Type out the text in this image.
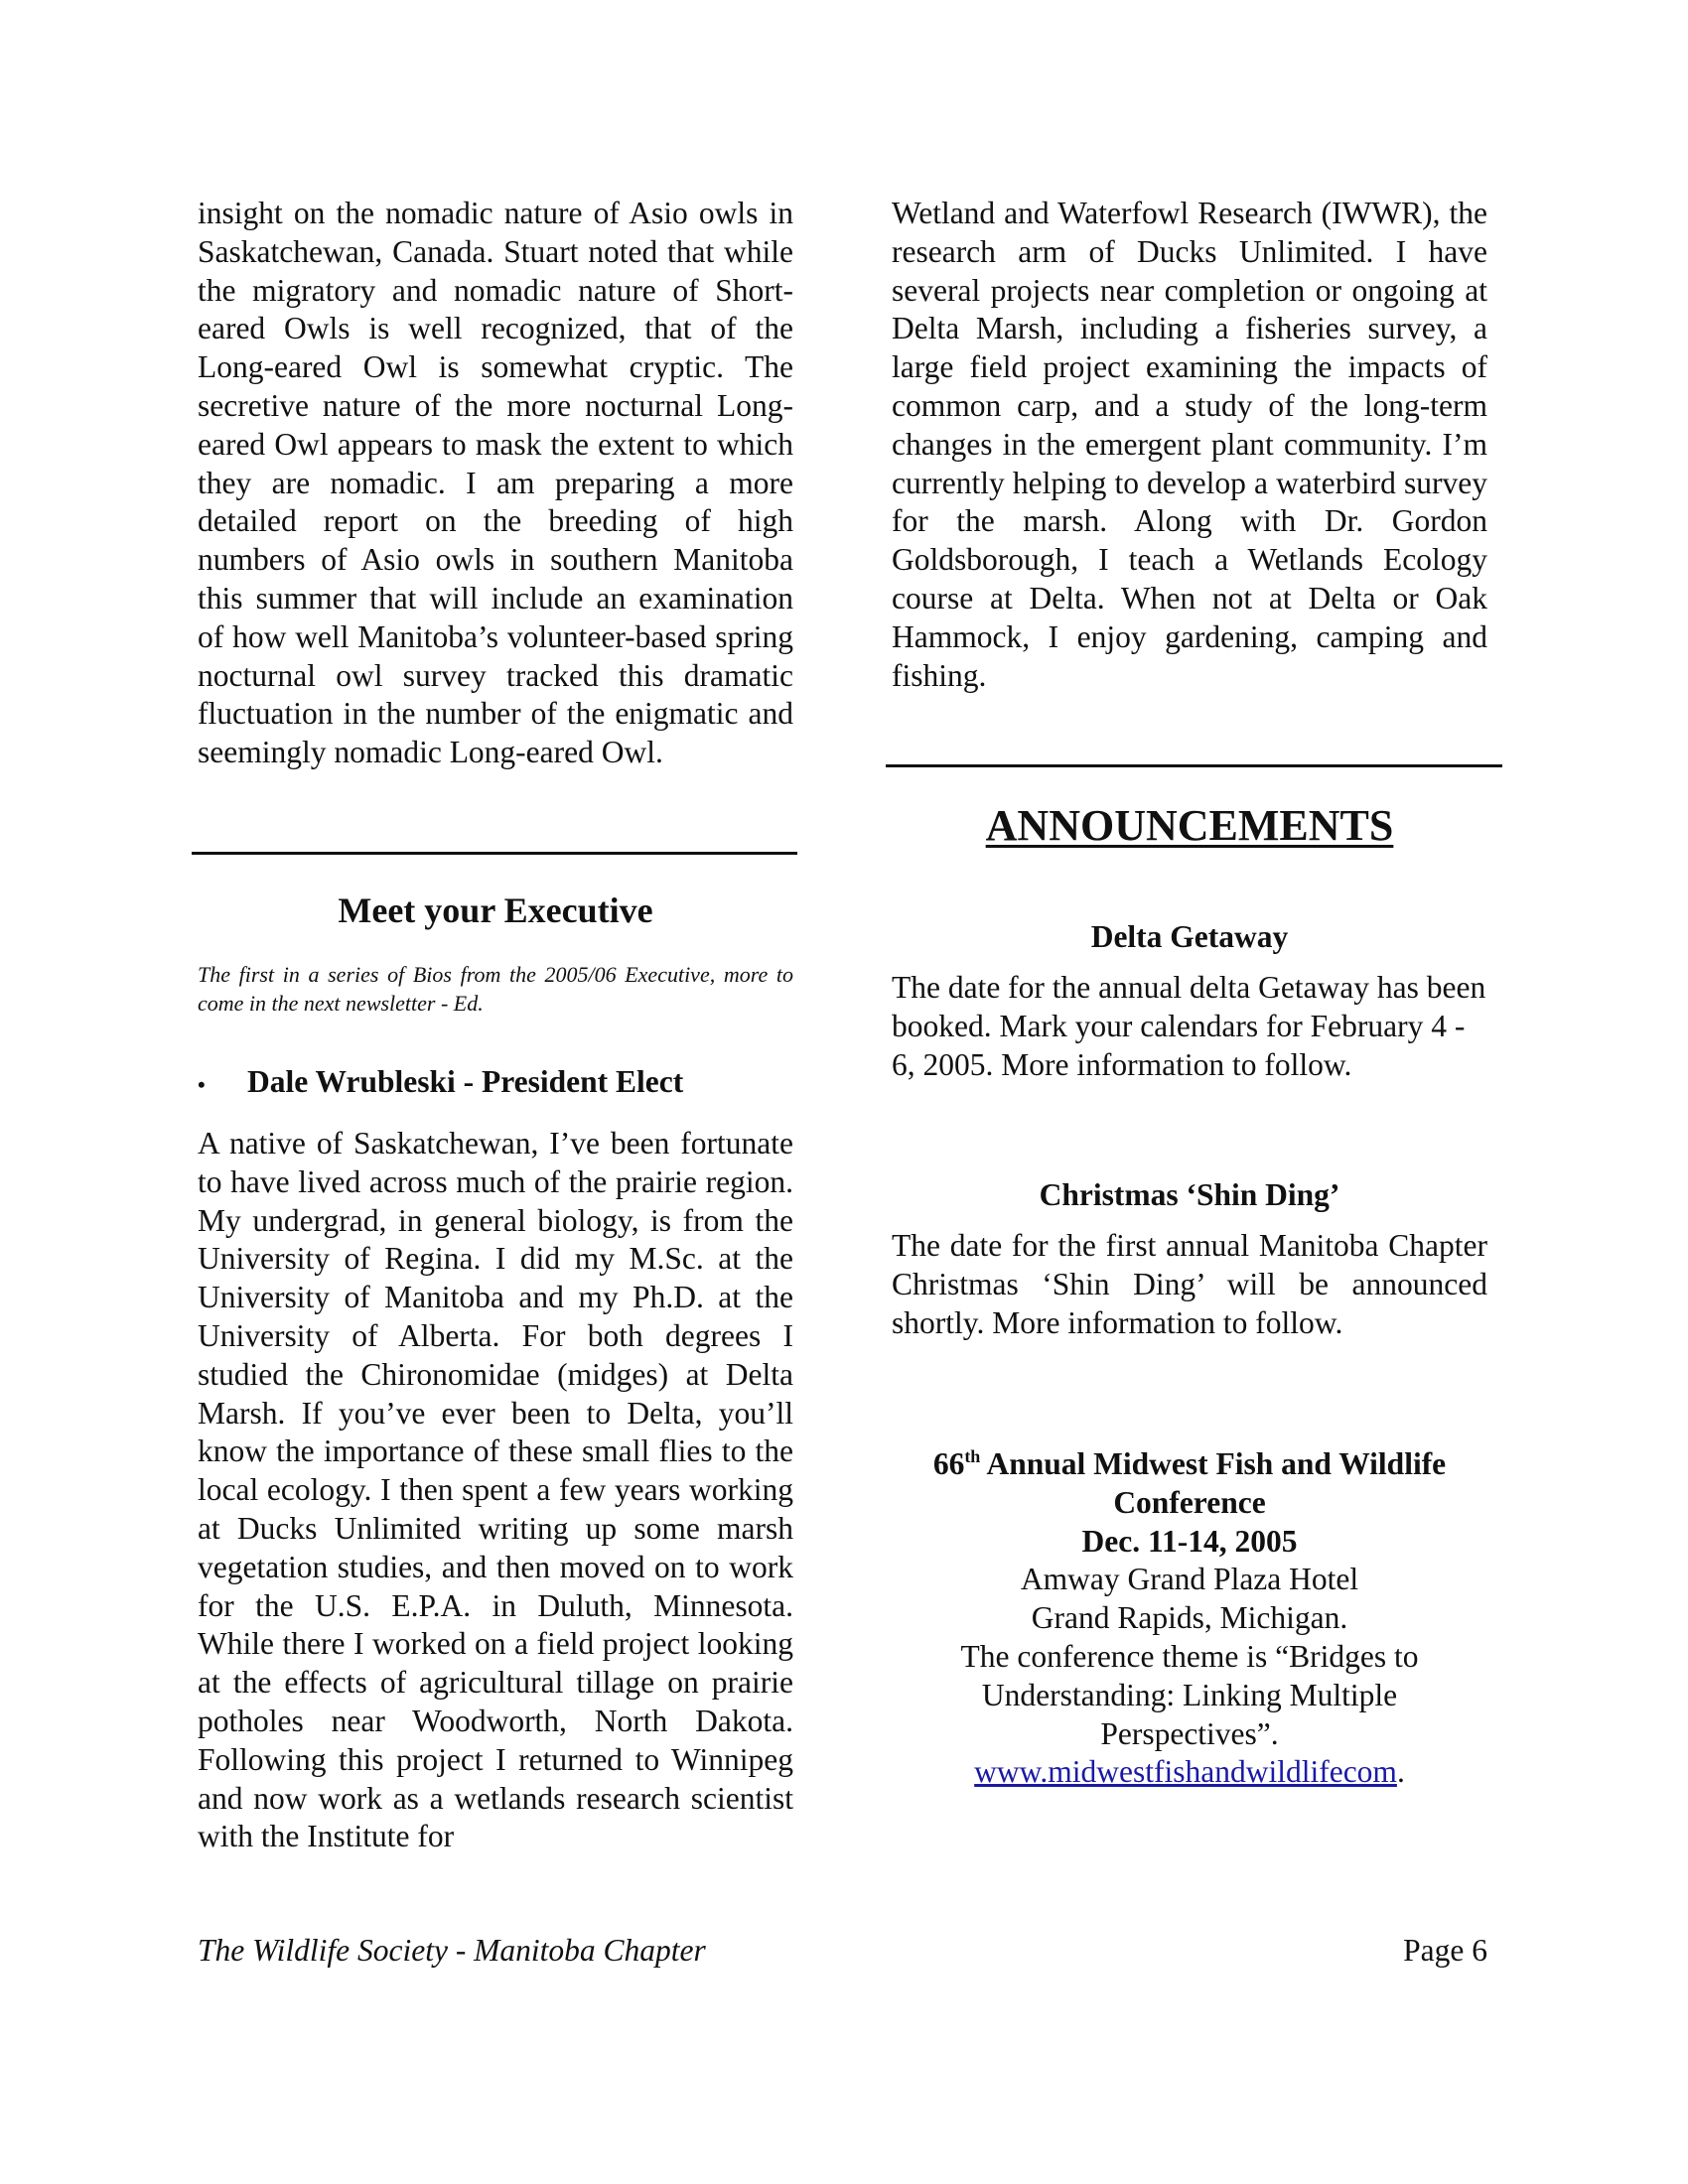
insight on the nomadic nature of Asio owls in Saskatchewan, Canada. Stuart noted that while the migratory and nomadic nature of Short-eared Owls is well recognized, that of the Long-eared Owl is somewhat cryptic. The secretive nature of the more nocturnal Long-eared Owl appears to mask the extent to which they are nomadic. I am preparing a more detailed report on the breeding of high numbers of Asio owls in southern Manitoba this summer that will include an examination of how well Manitoba’s volunteer-based spring nocturnal owl survey tracked this dramatic fluctuation in the number of the enigmatic and seemingly nomadic Long-eared Owl.

Meet your Executive

The first in a series of Bios from the 2005/06 Executive, more to come in the next newsletter - Ed.

• Dale Wrubleski - President Elect

A native of Saskatchewan, I’ve been fortunate to have lived across much of the prairie region. My undergrad, in general biology, is from the University of Regina. I did my M.Sc. at the University of Manitoba and my Ph.D. at the University of Alberta. For both degrees I studied the Chironomidae (midges) at Delta Marsh. If you’ve ever been to Delta, you’ll know the importance of these small flies to the local ecology. I then spent a few years working at Ducks Unlimited writing up some marsh vegetation studies, and then moved on to work for the U.S. E.P.A. in Duluth, Minnesota. While there I worked on a field project looking at the effects of agricultural tillage on prairie potholes near Woodworth, North Dakota. Following this project I returned to Winnipeg and now work as a wetlands research scientist with the Institute for

Wetland and Waterfowl Research (IWWR), the research arm of Ducks Unlimited. I have several projects near completion or ongoing at Delta Marsh, including a fisheries survey, a large field project examining the impacts of common carp, and a study of the long-term changes in the emergent plant community. I’m currently helping to develop a waterbird survey for the marsh. Along with Dr. Gordon Goldsborough, I teach a Wetlands Ecology course at Delta. When not at Delta or Oak Hammock, I enjoy gardening, camping and fishing.

ANNOUNCEMENTS
Delta Getaway

The date for the annual delta Getaway has been booked. Mark your calendars for February 4 - 6, 2005. More information to follow.

Christmas ‘Shin Ding’

The date for the first annual Manitoba Chapter Christmas ‘Shin Ding’ will be announced shortly. More information to follow.

66th Annual Midwest Fish and Wildlife Conference
Dec. 11-14, 2005
Amway Grand Plaza Hotel
Grand Rapids, Michigan.
The conference theme is “Bridges to Understanding: Linking Multiple Perspectives”.
www.midwestfishandwildlifecom.
The Wildlife Society - Manitoba Chapter	Page 6
